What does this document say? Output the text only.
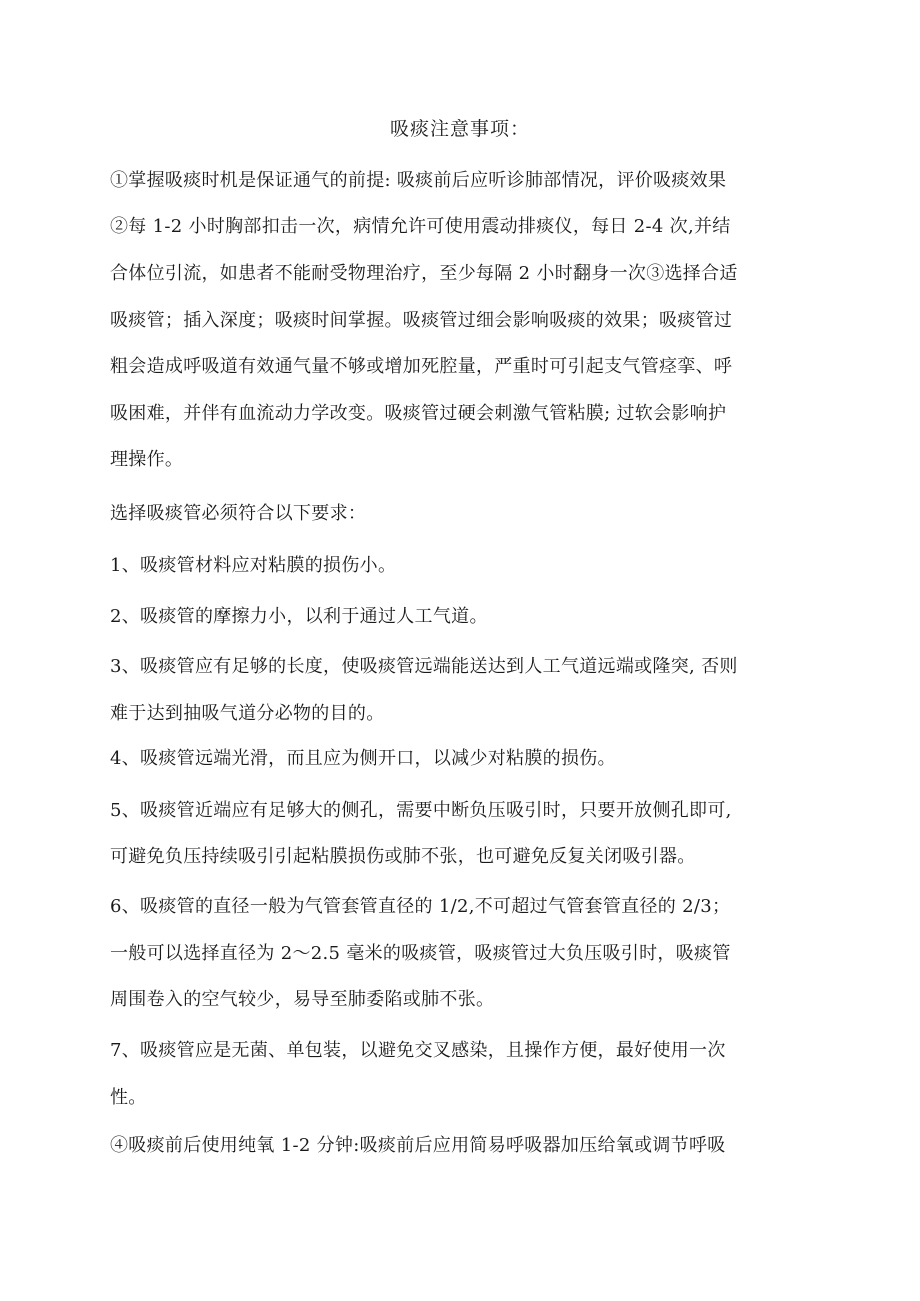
吸痰注意事项：
①掌握吸痰时机是保证通气的前提: 吸痰前后应听诊肺部情况，评价吸痰效果
②每 1-2 小时胸部扣击一次，病情允许可使用震动排痰仪，每日 2-4 次,并结
合体位引流，如患者不能耐受物理治疗，至少每隔 2 小时翻身一次③选择合适
吸痰管；插入深度；吸痰时间掌握。吸痰管过细会影响吸痰的效果；吸痰管过
粗会造成呼吸道有效通气量不够或增加死腔量，严重时可引起支气管痉挛、呼
吸困难，并伴有血流动力学改变。吸痰管过硬会刺激气管粘膜; 过软会影响护
理操作。
选择吸痰管必须符合以下要求：
1、吸痰管材料应对粘膜的损伤小。
2、吸痰管的摩擦力小，以利于通过人工气道。
3、吸痰管应有足够的长度，使吸痰管远端能送达到人工气道远端或隆突, 否则
难于达到抽吸气道分必物的目的。
4、吸痰管远端光滑，而且应为侧开口，以减少对粘膜的损伤。
5、吸痰管近端应有足够大的侧孔，需要中断负压吸引时，只要开放侧孔即可,
可避免负压持续吸引引起粘膜损伤或肺不张，也可避免反复关闭吸引器。
6、吸痰管的直径一般为气管套管直径的 1/2,不可超过气管套管直径的 2/3；
一般可以选择直径为 2～2.5 毫米的吸痰管，吸痰管过大负压吸引时，吸痰管
周围卷入的空气较少，易导至肺委陷或肺不张。
7、吸痰管应是无菌、单包装，以避免交叉感染，且操作方便，最好使用一次
性。
④吸痰前后使用纯氧 1-2 分钟:吸痰前后应用简易呼吸器加压给氧或调节呼吸
